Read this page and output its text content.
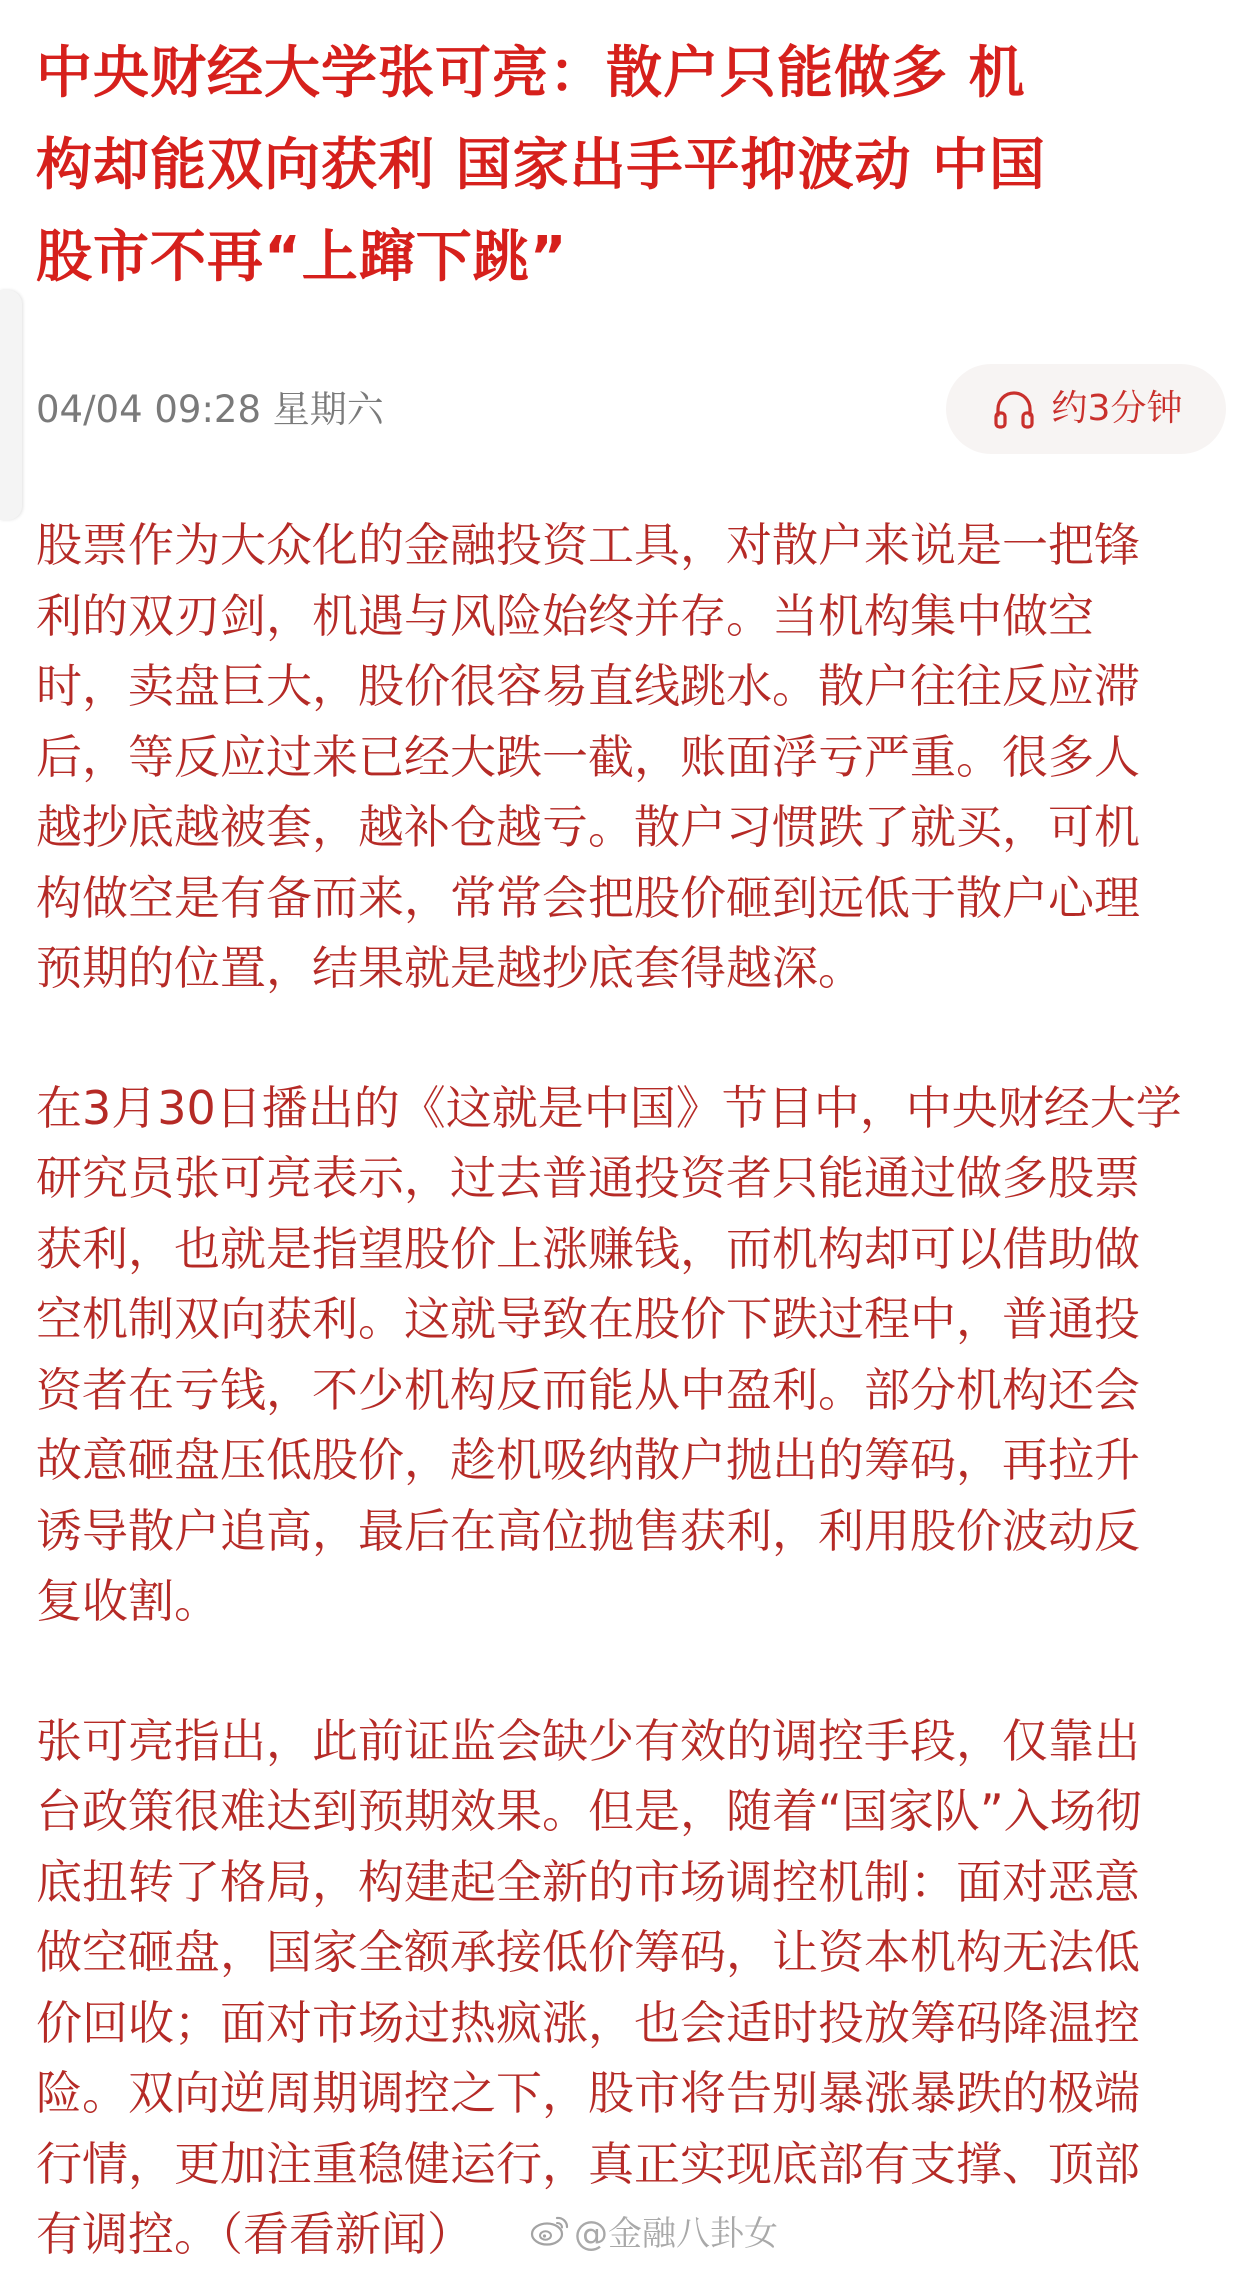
中央财经大学张可亮：散户只能做多 机
构却能双向获利 国家出手平抑波动 中国
股市不再“上蹿下跳”
04/04 09:28 星期六	约3分钟

股票作为大众化的金融投资工具，对散户来说是一把锋
利的双刃剑，机遇与风险始终并存。当机构集中做空
时，卖盘巨大，股价很容易直线跳水。散户往往反应滞
后，等反应过来已经大跌一截，账面浮亏严重。很多人
越抄底越被套，越补仓越亏。散户习惯跌了就买，可机
构做空是有备而来，常常会把股价砸到远低于散户心理
预期的位置，结果就是越抄底套得越深。

在3月30日播出的《这就是中国》节目中，中央财经大学
研究员张可亮表示，过去普通投资者只能通过做多股票
获利，也就是指望股价上涨赚钱，而机构却可以借助做
空机制双向获利。这就导致在股价下跌过程中，普通投
资者在亏钱，不少机构反而能从中盈利。部分机构还会
故意砸盘压低股价，趁机吸纳散户抛出的筹码，再拉升
诱导散户追高，最后在高位抛售获利，利用股价波动反
复收割。

张可亮指出，此前证监会缺少有效的调控手段，仅靠出
台政策很难达到预期效果。但是，随着“国家队”入场彻
底扭转了格局，构建起全新的市场调控机制：面对恶意
做空砸盘，国家全额承接低价筹码，让资本机构无法低
价回收；面对市场过热疯涨，也会适时投放筹码降温控
险。双向逆周期调控之下，股市将告别暴涨暴跌的极端
行情，更加注重稳健运行，真正实现底部有支撑、顶部
有调控。（看看新闻）	@金融八卦女
